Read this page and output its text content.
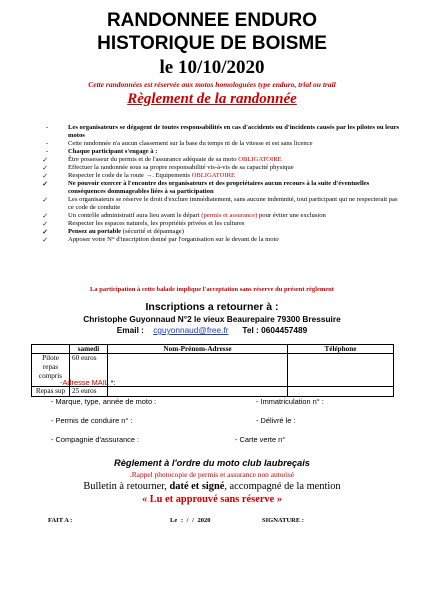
RANDONNEE ENDURO
HISTORIQUE DE BOISME
le 10/10/2020
Cette randonnées est réservée aux motos homologuées type enduro, trial ou trail
Règlement de la randonnée
-	Les organisateurs se dégagent de toutes responsabilités en cas d'accidents ou d'incidents causés par les pilotes ou leurs motos
-	Cette randonnée n'a aucun classement sur la base du temps ni de la vitesse et est sans licence
-	Chaque participant s'engage à :
✓	Être possesseur du permis et de l'assurance adéquate de sa moto OBLIGATOIRE
✓	Effectuer la randonnée sous sa propre responsabilité vis-à-vis de sa capacité physique
✓	Respecter le code de la route →. Equipements OBLIGATOIRE
✓	Ne pouvoir exercer à l'encontre des organisateurs et des propriétaires aucun recours à la suite d'éventuelles conséquences dommageables liées à sa participation
✓	Les organisateurs se réserve le droit d'exclure immédiatement, sans aucune indemnité, tout participant qui ne respecterait pas ce code de conduite
✓	Un contrôle administratif aura lieu avant le départ (permis et assurance) pour éviter une exclusion
✓	Respecter les espaces naturels, les propriétés privées et les cultures
✓	Pensez au portable (sécurité et dépannage)
✓	Apposer votre N° d'inscription donné par l'organisation sur le devant de la moto
La participation à cette balade implique l'acceptation sans réserve du présent règlement
Inscriptions a retourner à :
Christophe Guyonnaud N°2 le vieux Beaurepaire 79300 Bressuire
Email : cguyonnaud@free.fr Tel : 0604457489
	samedi	Nom-Prénom-Adresse	Téléphone
Pilote repas compris	60 euros		
Repas sup	25 euros		
-Adresse MAIL *:
- Marque, type, année de moto :	- Immatriculation n° :
- Permis de conduire n° :	- Délivré le :
- Compagnie d'assurance :	- Carte verte n°
Règlement à l'ordre du moto club laubreçais
.Rappel photocopie de permis et assurance non autorisé
Bulletin à retourner, daté et signé, accompagné de la mention
« Lu et approuvé sans réserve »
FAIT A :	Le : / / 2020	SIGNATURE :
